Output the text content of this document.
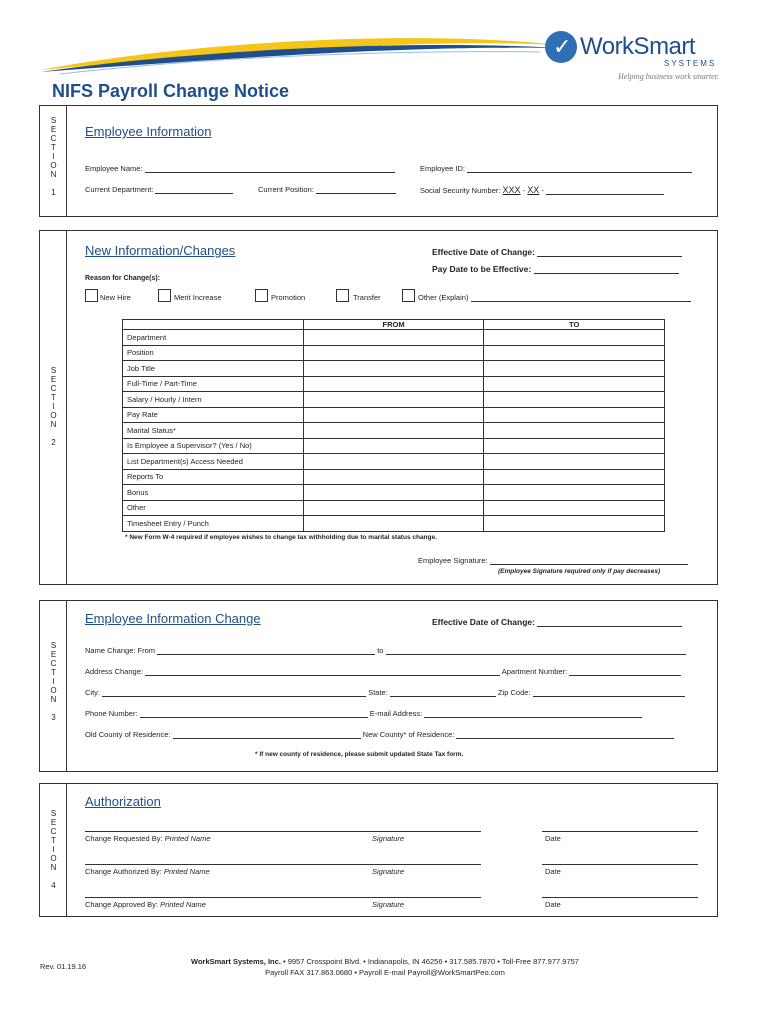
✓ WorkSmart
SYSTEMS
Helping business work smarter.
NIFS Payroll Change Notice
S
E
C
T
I
O
N

1
Employee Information
Employee Name:	Employee ID:
Current Department:	Current Position:	Social Security Number: XXX - XX -
S
E
C
T
I
O
N

2
New Information/Changes	Effective Date of Change:
Pay Date to be Effective:
Reason for Change(s):
New Hire	Merit Increase	Promotion	Transfer	Other (Explain)
	FROM	TO
Department		
Position		
Job Title		
Full-Time / Part-Time		
Salary / Hourly / Intern		
Pay Rate		
Marital Status*		
Is Employee a Supervisor? (Yes / No)		
List Department(s) Access Needed		
Reports To		
Bonus		
Other		
Timesheet Entry / Punch		
* New Form W-4 required if employee wishes to change tax withholding due to marital status change.
Employee Signature:
(Employee Signature required only if pay decreases)
S
E
C
T
I
O
N

3
Employee Information Change	Effective Date of Change:
Name Change: From	to
Address Change:	Apartment Number:
City:	State:	Zip Code:
Phone Number:	E-mail Address:
Old County of Residence:	New County* of Residence:
* If new county of residence, please submit updated State Tax form.
S
E
C
T
I
O
N

4
Authorization
Change Requested By: Printed Name	Signature	Date
Change Authorized By: Printed Name	Signature	Date
Change Approved By: Printed Name	Signature	Date
Rev. 01.19.16
WorkSmart Systems, Inc. • 9957 Crosspoint Blvd. • Indianapolis, IN 46256 • 317.585.7870 • Toll-Free 877.977.9757
Payroll FAX 317.863.0680 • Payroll E-mail Payroll@WorkSmartPeo.com
